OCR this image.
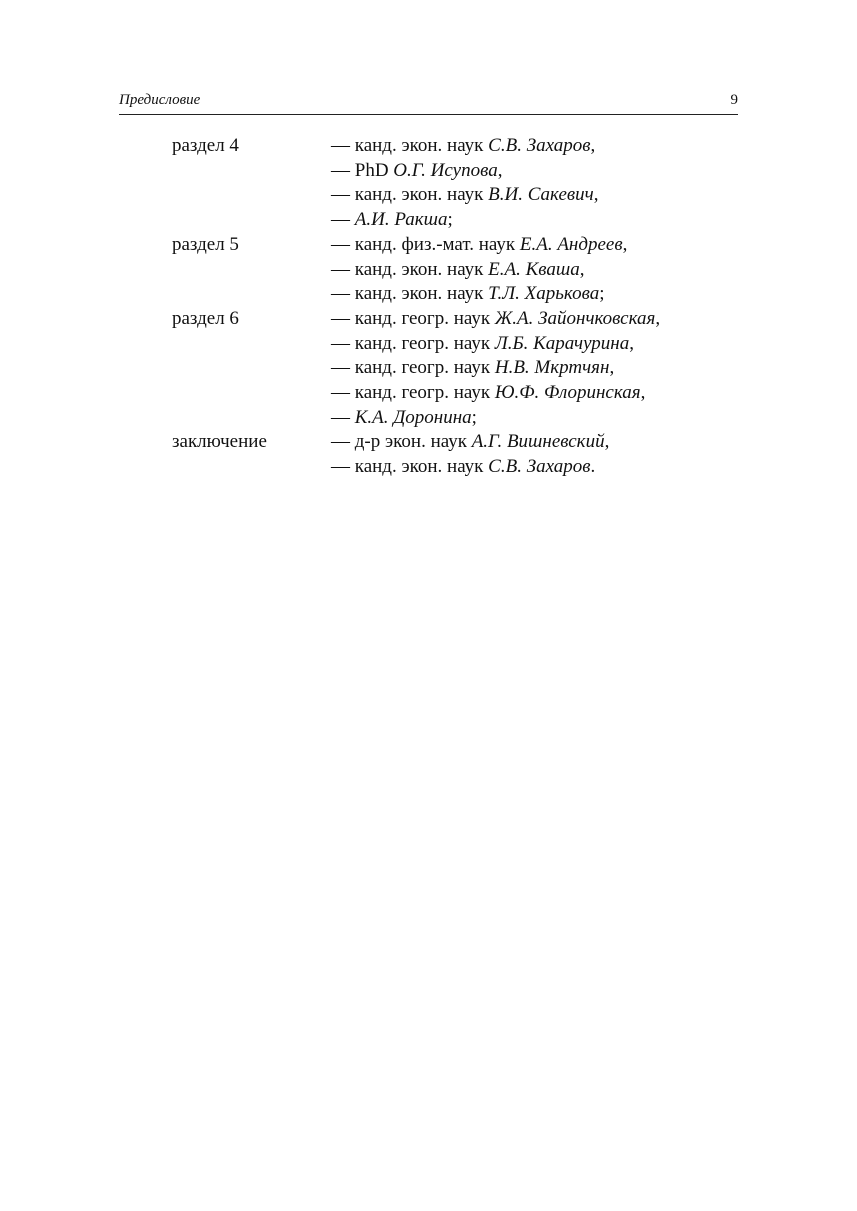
Предисловие	9
раздел 4	— канд. экон. наук С.В. Захаров,
— PhD О.Г. Исупова,
— канд. экон. наук В.И. Сакевич,
— А.И. Ракша;
раздел 5	— канд. физ.-мат. наук Е.А. Андреев,
— канд. экон. наук Е.А. Кваша,
— канд. экон. наук Т.Л. Харькова;
раздел 6	— канд. геогр. наук Ж.А. Зайончковская,
— канд. геогр. наук Л.Б. Карачурина,
— канд. геогр. наук Н.В. Мкртчян,
— канд. геогр. наук Ю.Ф. Флоринская,
— К.А. Доронина;
заключение	— д-р экон. наук А.Г. Вишневский,
— канд. экон. наук С.В. Захаров.
